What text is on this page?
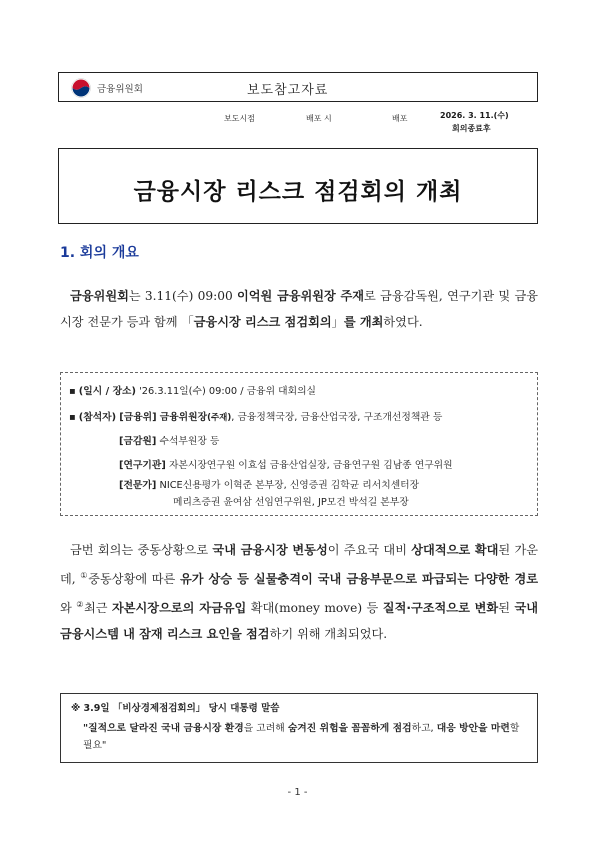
금융위원회	보도참고자료
보도시점	배포 시	배포	2026. 3. 11.(수)
회의종료후
금융시장 리스크 점검회의 개최
1. 회의 개요
금융위원회는 3.11(수) 09:00 이억원 금융위원장 주재로 금융감독원, 연구기관 및 금융시장 전문가 등과 함께 「금융시장 리스크 점검회의」를 개최하였다.
▪ (일시 / 장소) '26.3.11일(수) 09:00 / 금융위 대회의실
▪ (참석자) [금융위] 금융위원장(주재), 금융정책국장, 금융산업국장, 구조개선정책관 등
[금감원] 수석부원장 등
[연구기관] 자본시장연구원 이효섭 금융산업실장, 금융연구원 김남종 연구위원
[전문가] NICE신용평가 이혁준 본부장, 신영증권 김학균 리서치센터장
메리츠증권 윤여삼 선임연구위원, JP모건 박석길 본부장
금번 회의는 중동상황으로 국내 금융시장 변동성이 주요국 대비 상대적으로 확대된 가운데, ①중동상황에 따른 유가 상승 등 실물충격이 국내 금융부문으로 파급되는 다양한 경로와 ②최근 자본시장으로의 자금유입 확대(money move) 등 질적·구조적으로 변화된 국내 금융시스템 내 잠재 리스크 요인을 점검하기 위해 개최되었다.
※ 3.9일 「비상경제점검회의」 당시 대통령 말씀
"질적으로 달라진 국내 금융시장 환경을 고려해 숨겨진 위험을 꼼꼼하게 점검하고, 대응 방안을 마련할 필요"
- 1 -
